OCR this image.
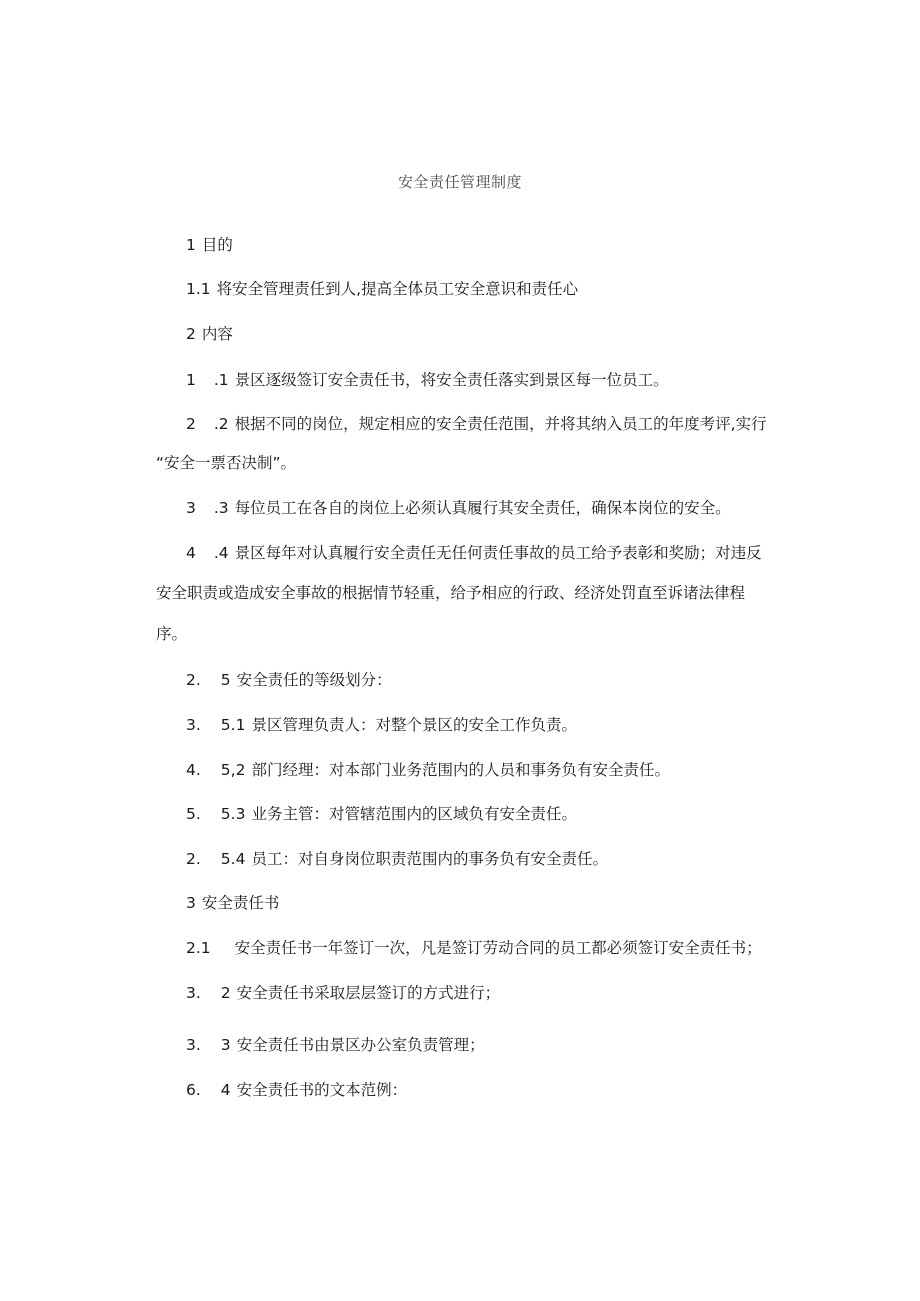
安全责任管理制度
1 目的
1.1 将安全管理责任到人,提高全体员工安全意识和责任心
2 内容
1 .1 景区逐级签订安全责任书，将安全责任落实到景区每一位员工。
2 .2 根据不同的岗位，规定相应的安全责任范围，并将其纳入员工的年度考评,实行
“安全一票否决制”。
3 .3 每位员工在各自的岗位上必须认真履行其安全责任，确保本岗位的安全。
4 .4 景区每年对认真履行安全责任无任何责任事故的员工给予表彰和奖励；对违反
安全职责或造成安全事故的根据情节轻重，给予相应的行政、经济处罚直至诉诸法律程
序。
2. 5 安全责任的等级划分：
3. 5.1 景区管理负责人：对整个景区的安全工作负责。
4. 5,2 部门经理：对本部门业务范围内的人员和事务负有安全责任。
5. 5.3 业务主管：对管辖范围内的区域负有安全责任。
2. 5.4 员工：对自身岗位职责范围内的事务负有安全责任。
3 安全责任书
2.1 安全责任书一年签订一次，凡是签订劳动合同的员工都必须签订安全责任书；
3. 2 安全责任书采取层层签订的方式进行；
3. 3 安全责任书由景区办公室负责管理；
6. 4 安全责任书的文本范例：
